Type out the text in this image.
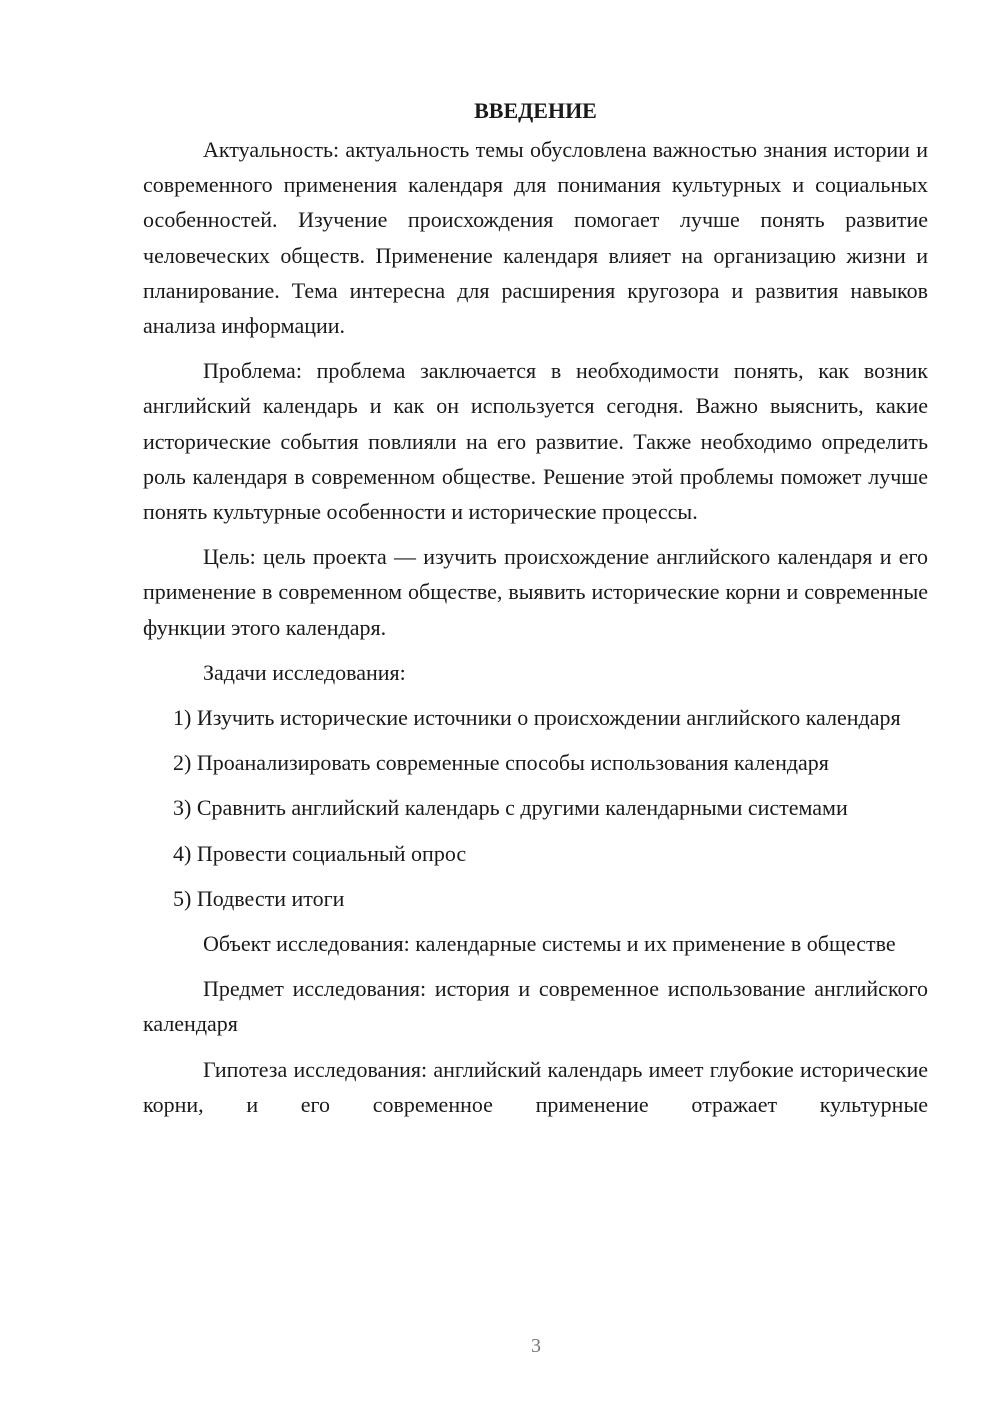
ВВЕДЕНИЕ

Актуальность: актуальность темы обусловлена важностью знания истории и современного применения календаря для понимания культурных и социальных особенностей. Изучение происхождения помогает лучше понять развитие человеческих обществ. Применение календаря влияет на организацию жизни и планирование. Тема интересна для расширения кругозора и развития навыков анализа информации.

Проблема: проблема заключается в необходимости понять, как возник английский календарь и как он используется сегодня. Важно выяснить, какие исторические события повлияли на его развитие. Также необходимо определить роль календаря в современном обществе. Решение этой проблемы поможет лучше понять культурные особенности и исторические процессы.

Цель: цель проекта — изучить происхождение английского календаря и его применение в современном обществе, выявить исторические корни и современные функции этого календаря.

Задачи исследования:

1) Изучить исторические источники о происхождении английского календаря

2) Проанализировать современные способы использования календаря

3) Сравнить английский календарь с другими календарными системами

4) Провести социальный опрос

5) Подвести итоги

Объект исследования: календарные системы и их применение в обществе

Предмет исследования: история и современное использование английского календаря

Гипотеза исследования: английский календарь имеет глубокие исторические корни, и его современное применение отражает культурные

3
